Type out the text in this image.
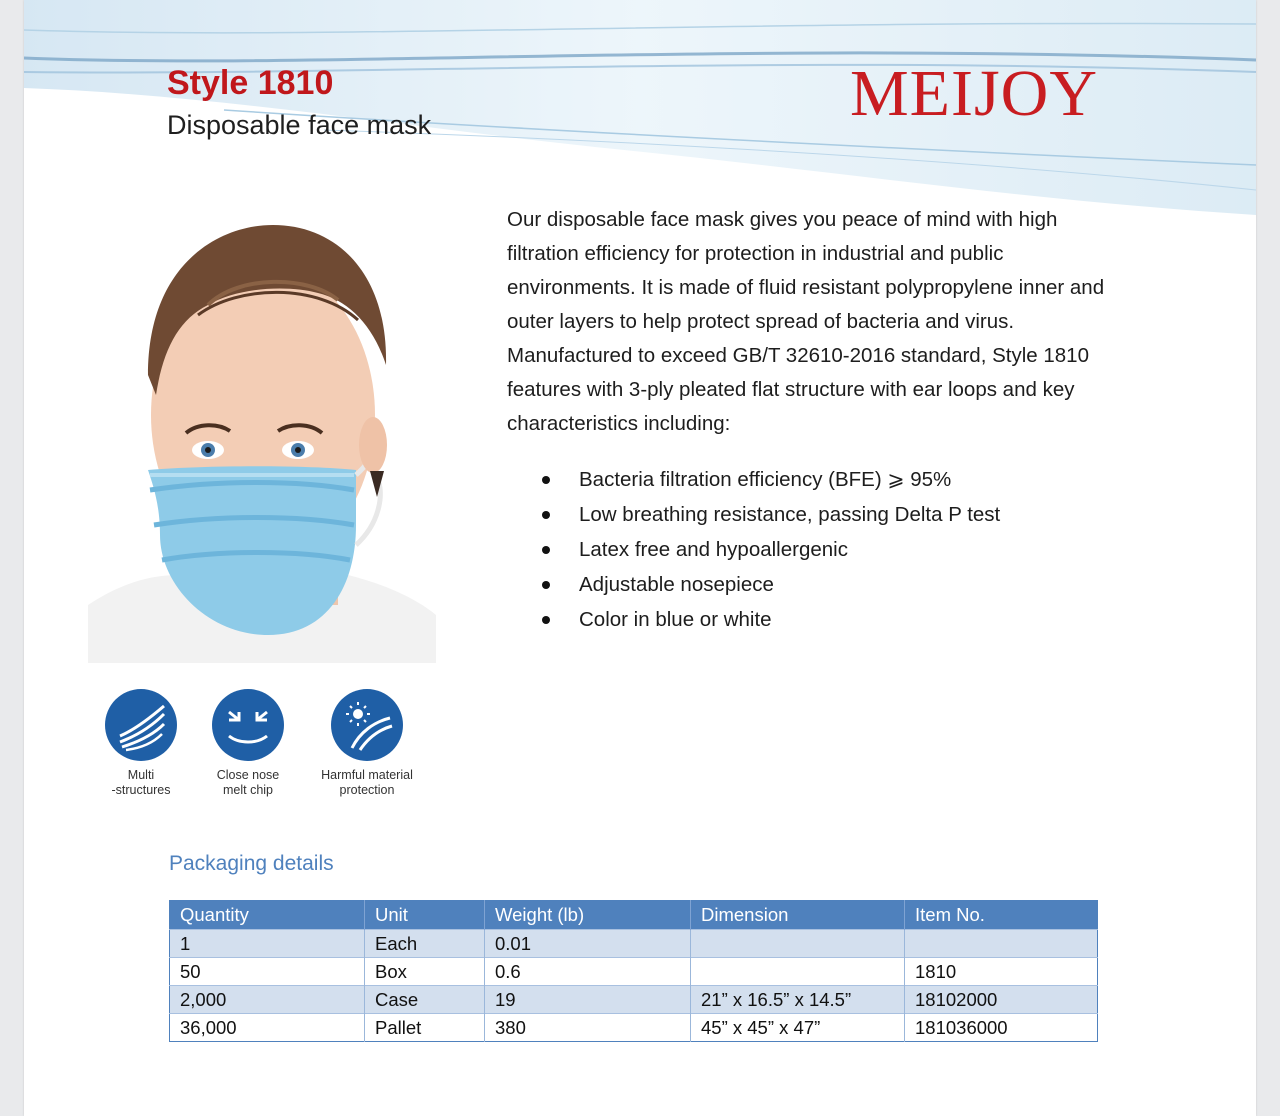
Style 1810
Disposable face mask	MEIJOY
Our disposable face mask gives you peace of mind with high filtration efficiency for protection in industrial and public environments. It is made of fluid resistant polypropylene inner and outer layers to help protect spread of bacteria and virus. Manufactured to exceed GB/T 32610-2016 standard, Style 1810 features with 3-ply pleated flat structure with ear loops and key characteristics including:
Bacteria filtration efficiency (BFE) ⩾ 95%
Low breathing resistance, passing Delta P test
Latex free and hypoallergenic
Adjustable nosepiece
Color in blue or white
Multi
-structures
Close nose
melt chip
Harmful material
protection
Packaging details
Quantity	Unit	Weight (lb)	Dimension	Item No.
1	Each	0.01		
50	Box	0.6		1810
2,000	Case	19	21” x 16.5” x 14.5”	18102000
36,000	Pallet	380	45” x 45” x 47”	181036000
